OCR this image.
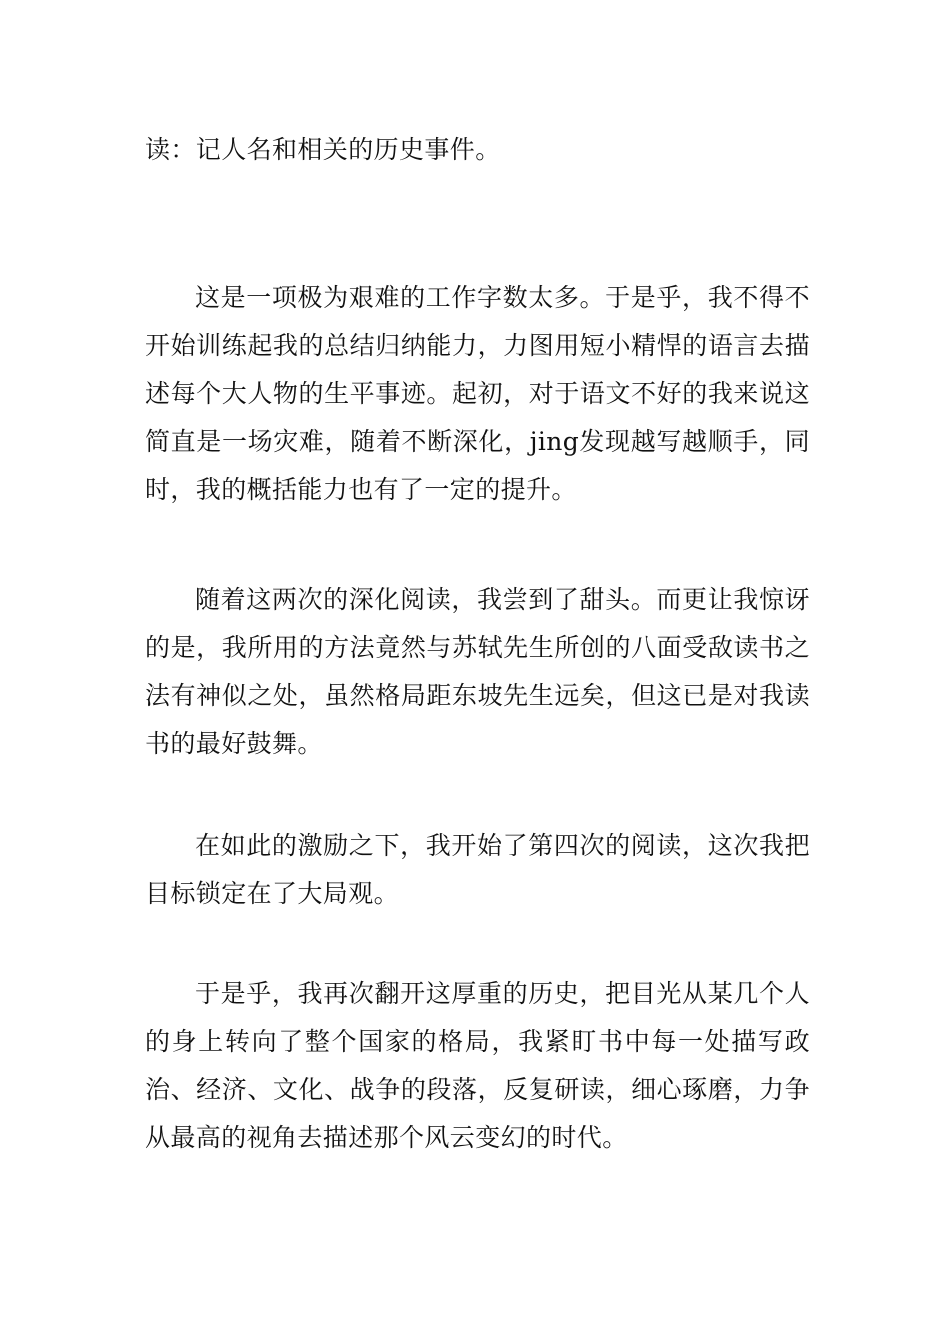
读：记人名和相关的历史事件。

这是一项极为艰难的工作字数太多。于是乎，我不得不开始训练起我的总结归纳能力，力图用短小精悍的语言去描述每个大人物的生平事迹。起初，对于语文不好的我来说这简直是一场灾难，随着不断深化，jing发现越写越顺手，同时，我的概括能力也有了一定的提升。

随着这两次的深化阅读，我尝到了甜头。而更让我惊讶的是，我所用的方法竟然与苏轼先生所创的八面受敌读书之法有神似之处，虽然格局距东坡先生远矣，但这已是对我读书的最好鼓舞。

在如此的激励之下，我开始了第四次的阅读，这次我把目标锁定在了大局观。

于是乎，我再次翻开这厚重的历史，把目光从某几个人的身上转向了整个国家的格局，我紧盯书中每一处描写政治、经济、文化、战争的段落，反复研读，细心琢磨，力争从最高的视角去描述那个风云变幻的时代。
